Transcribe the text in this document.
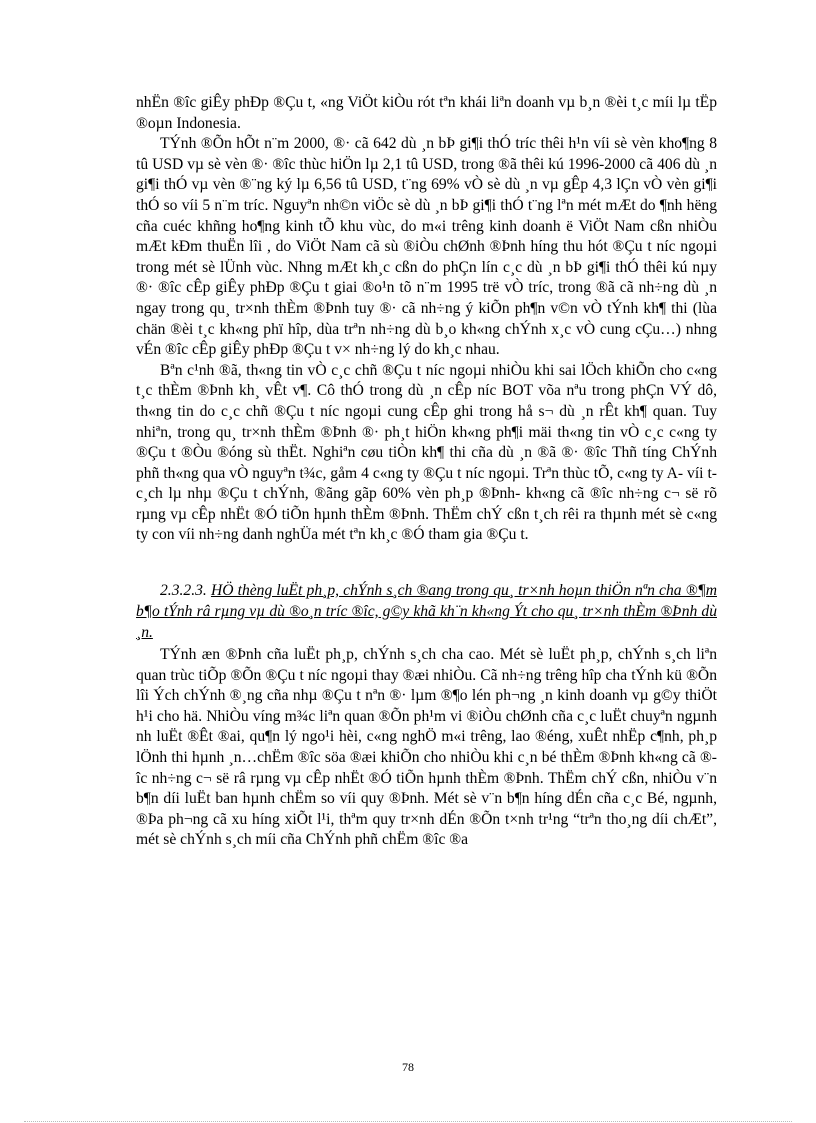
nhËn ®îc giÊy phÐp ®Çu t, «ng ViÖt kiÒu rót tªn khái liªn doanh vµ b¸n ®èi t¸c míi lµ tËp ®oµn Indonesia.

TÝnh ®Õn hÕt n¨m 2000, ®· cã 642 dù ¸n bÞ gi¶i thÓ tríc thêi h¹n víi sè vèn kho¶ng 8 tû USD vµ sè vèn ®· ®îc thùc hiÖn lµ 2,1 tû USD, trong ®ã thêi kú 1996-2000 cã 406 dù ¸n gi¶i thÓ vµ vèn ®¨ng ký lµ 6,56 tû USD, t¨ng 69% vÒ sè dù ¸n vµ gÊp 4,3 lÇn vÒ vèn gi¶i thÓ so víi 5 n¨m tríc. Nguyªn nh©n viÖc sè dù ¸n bÞ gi¶i thÓ t¨ng lªn mét mÆt do ¶nh hëng cña cuéc khñng ho¶ng kinh tÕ khu vùc, do m«i trêng kinh doanh ë ViÖt Nam cßn nhiÒu mÆt kÐm thuËn lîi , do ViÖt Nam cã sù ®iÒu chØnh ®Þnh híng thu hót ®Çu t níc ngoµi trong mét sè lÜnh vùc. Nhng mÆt kh¸c cßn do phÇn lín c¸c dù ¸n bÞ gi¶i thÓ thêi kú nµy ®· ®îc cÊp giÊy phÐp ®Çu t giai ®o¹n tõ n¨m 1995 trë vÒ tríc, trong ®ã cã nh÷ng dù ¸n ngay trong qu¸ tr×nh thÈm ®Þnh tuy ®· cã nh÷ng ý kiÕn ph¶n v©n vÒ tÝnh kh¶ thi (lùa chän ®èi t¸c kh«ng phï hîp, dùa trªn nh÷ng dù b¸o kh«ng chÝnh x¸c vÒ cung cÇu…) nhng vÉn ®îc cÊp giÊy phÐp ®Çu t v× nh÷ng lý do kh¸c nhau.

Bªn c¹nh ®ã, th«ng tin vÒ c¸c chñ ®Çu t níc ngoµi nhiÒu khi sai lÖch khiÕn cho c«ng t¸c thÈm ®Þnh kh¸ vÊt v¶. Cô thÓ trong dù ¸n cÊp níc BOT võa nªu trong phÇn VÝ dô, th«ng tin do c¸c chñ ®Çu t níc ngoµi cung cÊp ghi trong hå s¬ dù ¸n rÊt kh¶ quan. Tuy nhiªn, trong qu¸ tr×nh thÈm ®Þnh ®· ph¸t hiÖn kh«ng ph¶i mäi th«ng tin vÒ c¸c c«ng ty ®Çu t ®Òu ®óng sù thËt. Nghiªn cøu tiÒn kh¶ thi cña dù ¸n ®ã ®· ®îc Thñ tíng ChÝnh phñ th«ng qua vÒ nguyªn t¾c, gåm 4 c«ng ty ®Çu t níc ngoµi. Trªn thùc tÕ, c«ng ty A- víi t c¸ch lµ nhµ ®Çu t chÝnh, ®ãng gãp 60% vèn ph¸p ®Þnh- kh«ng cã ®îc nh÷ng c¬ së rõ rµng vµ cÊp nhËt ®Ó tiÕn hµnh thÈm ®Þnh. ThËm chÝ cßn t¸ch rêi ra thµnh mét sè c«ng ty con víi nh÷ng danh nghÜa mét tªn kh¸c ®Ó tham gia ®Çu t.

2.3.2.3. HÖ thèng luËt ph¸p, chÝnh s¸ch ®ang trong qu¸ tr×nh hoµn thiÖn nªn cha ®¶m b¶o tÝnh râ rµng vµ dù ®o¸n tríc ®îc, g©y khã kh¨n kh«ng Ýt cho qu¸ tr×nh thÈm ®Þnh dù ¸n.

TÝnh æn ®Þnh cña luËt ph¸p, chÝnh s¸ch cha cao. Mét sè luËt ph¸p, chÝnh s¸ch liªn quan trùc tiÕp ®Õn ®Çu t níc ngoµi thay ®æi nhiÒu. Cã nh÷ng trêng hîp cha tÝnh kü ®Õn lîi Ých chÝnh ®¸ng cña nhµ ®Çu t nªn ®· lµm ®¶o lén ph¬ng ¸n kinh doanh vµ g©y thiÖt h¹i cho hä. NhiÒu víng m¾c liªn quan ®Õn ph¹m vi ®iÒu chØnh cña c¸c luËt chuyªn ngµnh nh luËt ®Êt ®ai, qu¶n lý ngo¹i hèi, c«ng nghÖ m«i trêng, lao ®éng, xuÊt nhËp c¶nh, ph¸p lÖnh thi hµnh ¸n…chËm ®îc söa ®æi khiÕn cho nhiÒu khi c¸n bé thÈm ®Þnh kh«ng cã ®îc nh÷ng c¬ së râ rµng vµ cÊp nhËt ®Ó tiÕn hµnh thÈm ®Þnh. ThËm chÝ cßn, nhiÒu v¨n b¶n díi luËt ban hµnh chËm so víi quy ®Þnh. Mét sè v¨n b¶n híng dÉn cña c¸c Bé, ngµnh, ®Þa ph¬ng cã xu híng xiÕt l¹i, thªm quy tr×nh dÉn ®Õn t×nh tr¹ng “trªn tho¸ng díi chÆt”, mét sè chÝnh s¸ch míi cña ChÝnh phñ chËm ®îc ®a

78
